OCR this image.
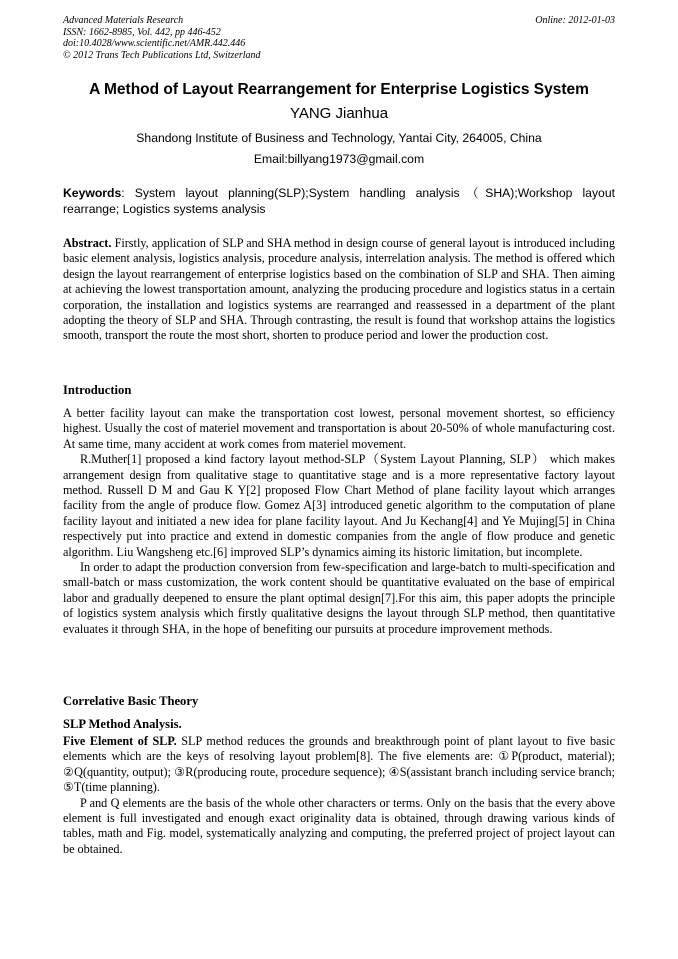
Advanced Materials Research
ISSN: 1662-8985, Vol. 442, pp 446-452
doi:10.4028/www.scientific.net/AMR.442.446
© 2012 Trans Tech Publications Ltd, Switzerland
Online: 2012-01-03
A Method of Layout Rearrangement for Enterprise Logistics System
YANG Jianhua
Shandong Institute of Business and Technology, Yantai City, 264005, China
Email:billyang1973@gmail.com
Keywords: System layout planning(SLP);System handling analysis（SHA);Workshop layout rearrange; Logistics systems analysis

Abstract. Firstly, application of SLP and SHA method in design course of general layout is introduced including basic element analysis, logistics analysis, procedure analysis, interrelation analysis. The method is offered which design the layout rearrangement of enterprise logistics based on the combination of SLP and SHA. Then aiming at achieving the lowest transportation amount, analyzing the producing procedure and logistics status in a certain corporation, the installation and logistics systems are rearranged and reassessed in a department of the plant adopting the theory of SLP and SHA. Through contrasting, the result is found that workshop attains the logistics smooth, transport the route the most short, shorten to produce period and lower the production cost.

Introduction

A better facility layout can make the transportation cost lowest, personal movement shortest, so efficiency highest. Usually the cost of materiel movement and transportation is about 20-50% of whole manufacturing cost. At same time, many accident at work comes from materiel movement.

R.Muther[1] proposed a kind factory layout method-SLP（System Layout Planning, SLP） which makes arrangement design from qualitative stage to quantitative stage and is a more representative factory layout method. Russell D M and Gau K Y[2] proposed Flow Chart Method of plane facility layout which arranges facility from the angle of produce flow. Gomez A[3] introduced genetic algorithm to the computation of plane facility layout and initiated a new idea for plane facility layout. And Ju Kechang[4] and Ye Mujing[5] in China respectively put into practice and extend in domestic companies from the angle of flow produce and genetic algorithm. Liu Wangsheng etc.[6] improved SLP’s dynamics aiming its historic limitation, but incomplete.

In order to adapt the production conversion from few-specification and large-batch to multi-specification and small-batch or mass customization, the work content should be quantitative evaluated on the base of empirical labor and gradually deepened to ensure the plant optimal design[7].For this aim, this paper adopts the principle of logistics system analysis which firstly qualitative designs the layout through SLP method, then quantitative evaluates it through SHA, in the hope of benefiting our pursuits at procedure improvement methods.

Correlative Basic Theory
SLP Method Analysis.

Five Element of SLP. SLP method reduces the grounds and breakthrough point of plant layout to five basic elements which are the keys of resolving layout problem[8]. The five elements are: ①P(product, material); ②Q(quantity, output); ③R(producing route, procedure sequence); ④S(assistant branch including service branch; ⑤T(time planning).

P and Q elements are the basis of the whole other characters or terms. Only on the basis that the every above element is full investigated and enough exact originality data is obtained, through drawing various kinds of tables, math and Fig. model, systematically analyzing and computing, the preferred project of project layout can be obtained.
